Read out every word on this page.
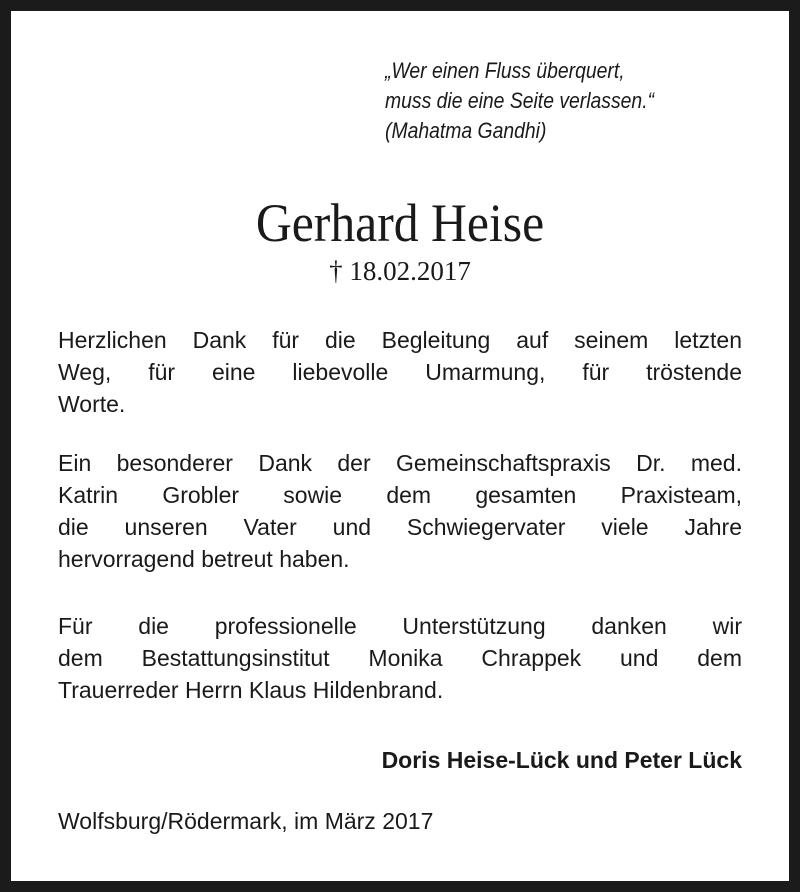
„Wer einen Fluss überquert,
muss die eine Seite verlassen.“
(Mahatma Gandhi)
Gerhard Heise
† 18.02.2017
Herzlichen Dank für die Begleitung auf seinem letzten
Weg, für eine liebevolle Umarmung, für tröstende
Worte.
Ein besonderer Dank der Gemeinschaftspraxis Dr. med.
Katrin Grobler sowie dem gesamten Praxisteam,
die unseren Vater und Schwiegervater viele Jahre
hervorragend betreut haben.
Für die professionelle Unterstützung danken wir
dem Bestattungsinstitut Monika Chrappek und dem
Trauerreder Herrn Klaus Hildenbrand.
Doris Heise-Lück und Peter Lück
Wolfsburg/Rödermark, im März 2017
